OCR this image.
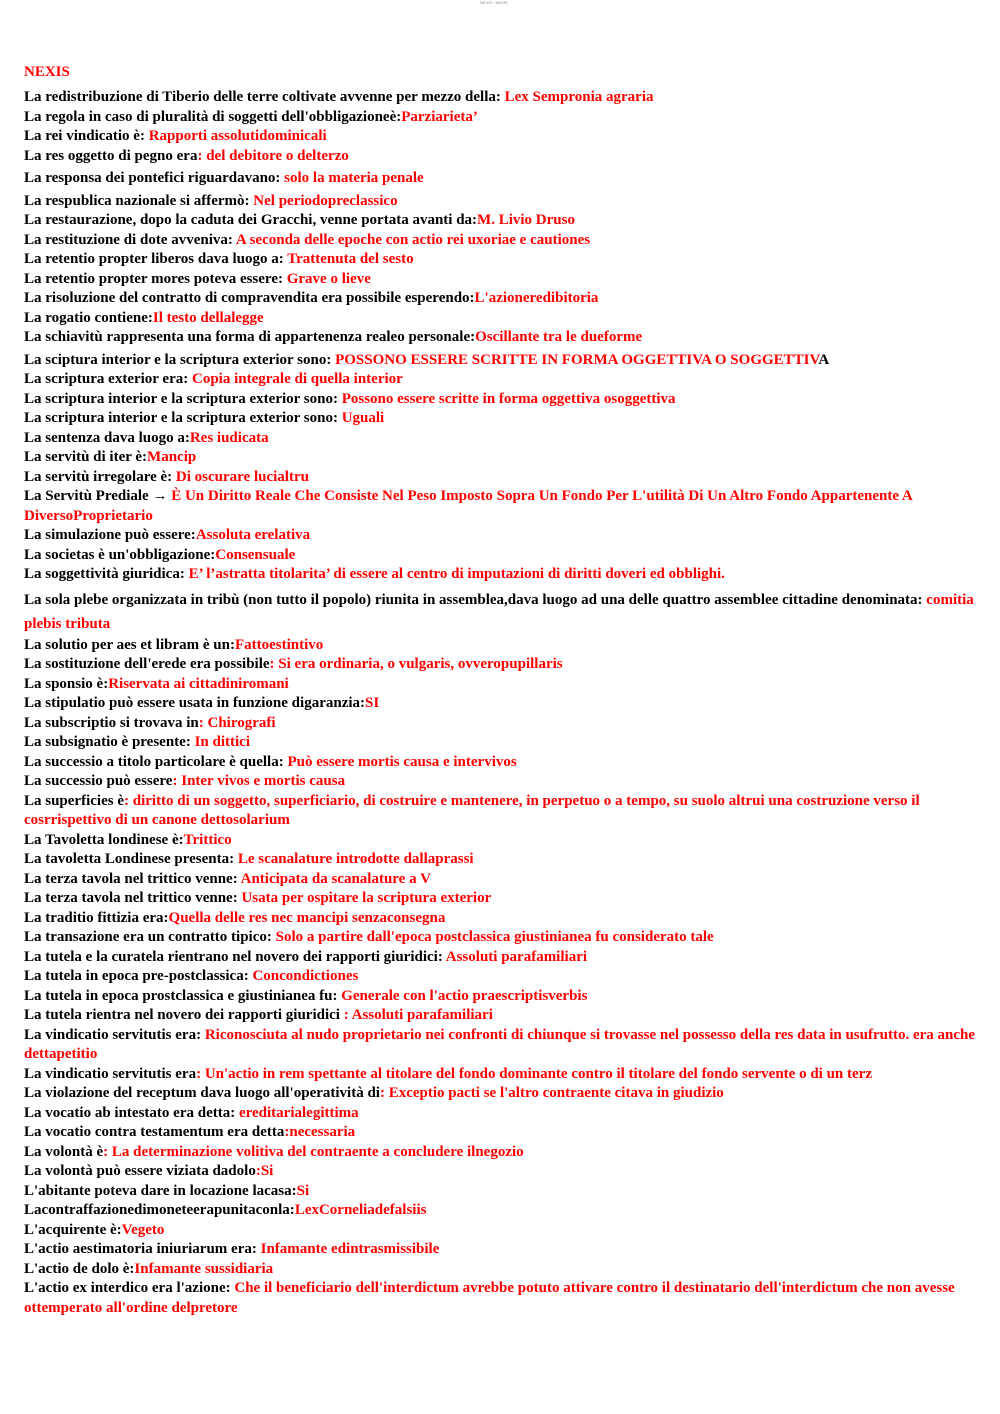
NEXIS · NEXIS
NEXIS
La redistribuzione di Tiberio delle terre coltivate avvenne per mezzo della: Lex Sempronia agraria
La regola in caso di pluralità di soggetti dell'obbligazioneè:Parziarietа’
La rei vindicatio è: Rapporti assolutidominicali
La res oggetto di pegno era: del debitore o delterzo
La responsa dei pontefici riguardavano: solo la materia penale
La respublica nazionale si affermò: Nel periodopreclassico
La restaurazione, dopo la caduta dei Gracchi, venne portata avanti da:M. Livio Druso
La restituzione di dote avveniva: A seconda delle epoche con actio rei uxoriae e cautiones
La retentio propter liberos dava luogo a: Trattenuta del sesto
La retentio propter mores poteva essere: Grave o lieve
La risoluzione del contratto di compravendita era possibile esperendo:L'azioneredibitoria
La rogatio contiene:Il testo dellalegge
La schiavitù rappresenta una forma di appartenenza realeo personale:Oscillante tra le dueforme
La sciptura interior e la scriptura exterior sono: POSSONO ESSERE SCRITTE IN FORMA OGGETTIVA O SOGGETTIVA
La scriptura exterior era: Copia integrale di quella interior
La scriptura interior e la scriptura exterior sono: Possono essere scritte in forma oggettiva osoggettiva
La scriptura interior e la scriptura exterior sono: Uguali
La sentenza dava luogo a:Res iudicata
La servitù di iter è:Mancip
La servitù irregolare è: Di oscurare lucialtru
La Servitù Prediale → È Un Diritto Reale Che Consiste Nel Peso Imposto Sopra Un Fondo Per L'utilità Di Un Altro Fondo Appartenente A DiversoProprietario
La simulazione può essere:Assoluta erelativa
La societas è un'obbligazione:Consensuale
La soggettività giuridica: E’ l’astratta titolarita’ di essere al centro di imputazioni di diritti doveri ed obblighi.
La sola plebe organizzata in tribù (non tutto il popolo) riunita in assemblea,dava luogo ad una delle quattro assemblee cittadine denominata: comitia plebis tributa
La solutio per aes et libram è un:Fattoestintivo
La sostituzione dell'erede era possibile: Si era ordinaria, o vulgaris, ovveropupillaris
La sponsio è:Riservata ai cittadiniromani
La stipulatio può essere usata in funzione digaranzia:SI
La subscriptio si trovava in: Chirografi
La subsignatio è presente: In dittici
La successio a titolo particolare è quella: Può essere mortis causa e intervivos
La successio può essere: Inter vivos e mortis causa
La superficies è: diritto di un soggetto, superficiario, di costruire e mantenere, in perpetuo o a tempo, su suolo altrui una costruzione verso il cosrrispettivo di un canone dettosolarium
La Tavoletta londinese è:Trittico
La tavoletta Londinese presenta: Le scanalature introdotte dallaprassi
La terza tavola nel trittico venne: Anticipata da scanalature a V
La terza tavola nel trittico venne: Usata per ospitare la scriptura exterior
La traditio fittizia era:Quella delle res nec mancipi senzaconsegna
La transazione era un contratto tipico: Solo a partire dall'epoca postclassica giustinianea fu considerato tale
La tutela e la curatela rientrano nel novero dei rapporti giuridici: Assoluti parafamiliari
La tutela in epoca pre-postclassica: Concondictiones
La tutela in epoca prostclassica e giustinianea fu: Generale con l'actio praescriptisverbis
La tutela rientra nel novero dei rapporti giuridici : Assoluti parafamiliari
La vindicatio servitutis era: Riconosciuta al nudo proprietario nei confronti di chiunque si trovasse nel possesso della res data in usufrutto. era anche dettapetitio
La vindicatio servitutis era: Un'actio in rem spettante al titolare del fondo dominante contro il titolare del fondo servente o di un terz
La violazione del receptum dava luogo all'operatività di: Exceptio pacti se l'altro contraente citava in giudizio
La vocatio ab intestato era detta: ereditarialegittima
La vocatio contra testamentum era detta:necessaria
La volontà è: La determinazione volitiva del contraente a concludere ilnegozio
La volontà può essere viziata dadolo:Si
L'abitante poteva dare in locazione lacasa:Si
Lacontraffazionedimoneteerapunitaconla:LexCorneliadefalsiis
L'acquirente è:Vegeto
L'actio aestimatoria iniuriarum era: Infamante edintrasmissibile
L'actio de dolo è:Infamante sussidiaria
L'actio ex interdico era l'azione: Che il beneficiario dell'interdictum avrebbe potuto attivare contro il destinatario dell'interdictum che non avesse ottemperato all'ordine delpretore
